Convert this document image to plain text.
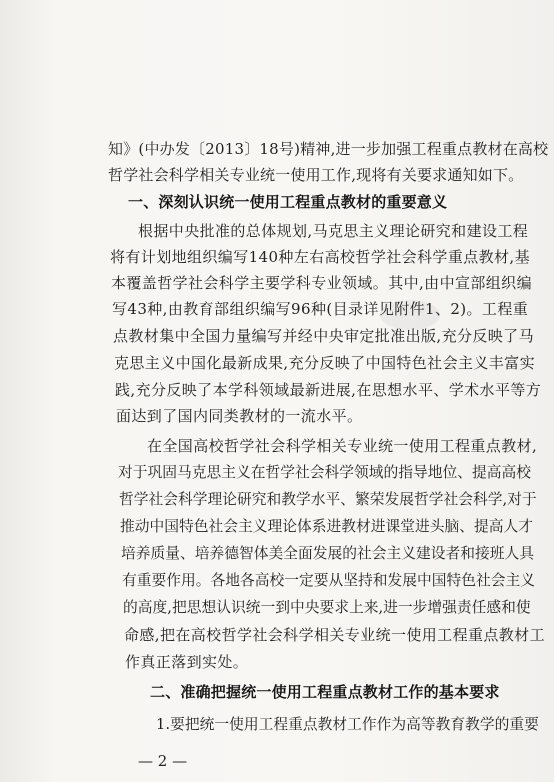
知》(中办发〔2013〕18号)精神,进一步加强工程重点教材在高校
哲学社会科学相关专业统一使用工作,现将有关要求通知如下。
一、深刻认识统一使用工程重点教材的重要意义
根据中央批准的总体规划,马克思主义理论研究和建设工程
将有计划地组织编写140种左右高校哲学社会科学重点教材,基
本覆盖哲学社会科学主要学科专业领域。其中,由中宣部组织编
写43种,由教育部组织编写96种(目录详见附件1、2)。工程重
点教材集中全国力量编写并经中央审定批准出版,充分反映了马
克思主义中国化最新成果,充分反映了中国特色社会主义丰富实
践,充分反映了本学科领域最新进展,在思想水平、学术水平等方
面达到了国内同类教材的一流水平。
在全国高校哲学社会科学相关专业统一使用工程重点教材,
对于巩固马克思主义在哲学社会科学领域的指导地位、提高高校
哲学社会科学理论研究和教学水平、繁荣发展哲学社会科学,对于
推动中国特色社会主义理论体系进教材进课堂进头脑、提高人才
培养质量、培养德智体美全面发展的社会主义建设者和接班人具
有重要作用。各地各高校一定要从坚持和发展中国特色社会主义
的高度,把思想认识统一到中央要求上来,进一步增强责任感和使
命感,把在高校哲学社会科学相关专业统一使用工程重点教材工
作真正落到实处。
二、准确把握统一使用工程重点教材工作的基本要求
1.要把统一使用工程重点教材工作作为高等教育教学的重要
— 2 —
